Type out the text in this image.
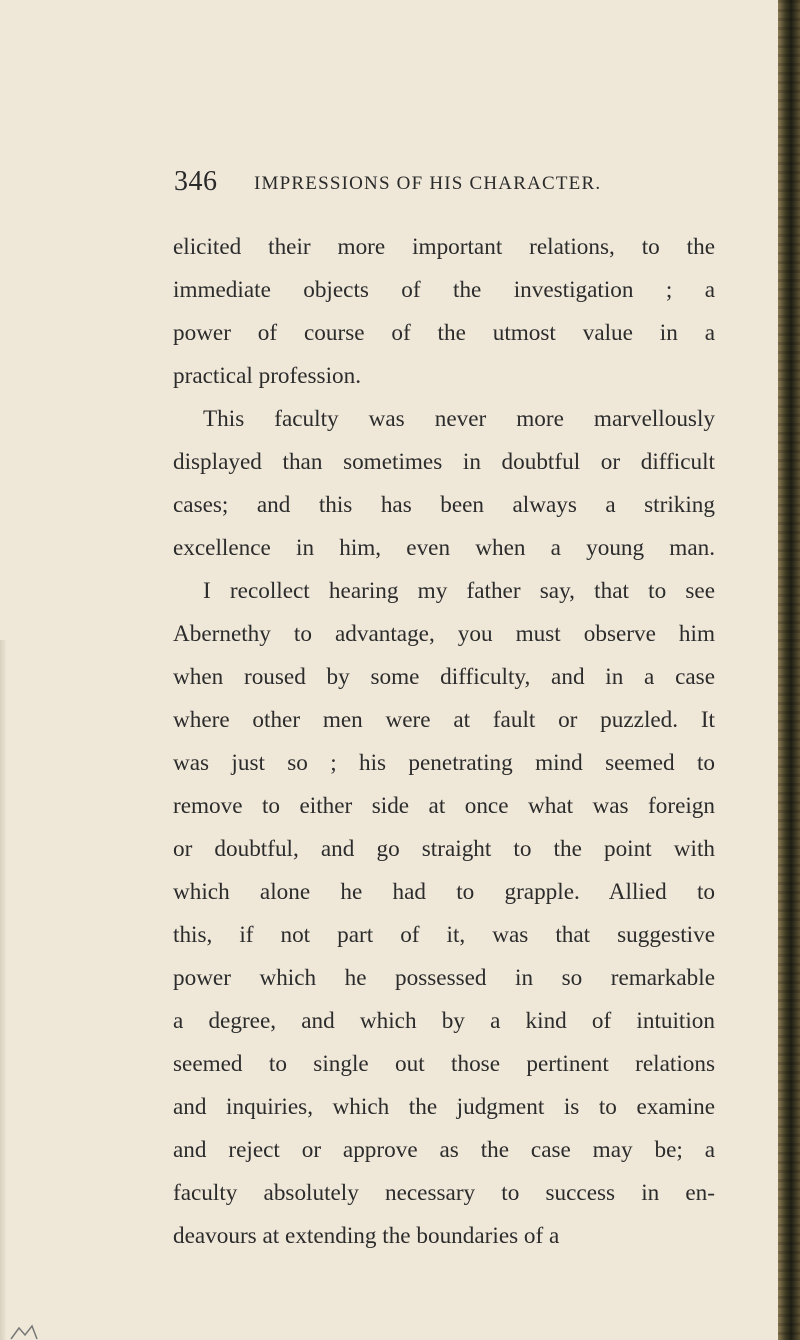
346 IMPRESSIONS OF HIS CHARACTER.
elicited their more important relations, to the
immediate objects of the investigation ; a
power of course of the utmost value in a
practical profession.
This faculty was never more marvellously
displayed than sometimes in doubtful or difficult
cases; and this has been always a striking
excellence in him, even when a young man.
I recollect hearing my father say, that to see
Abernethy to advantage, you must observe him
when roused by some difficulty, and in a case
where other men were at fault or puzzled. It
was just so ; his penetrating mind seemed to
remove to either side at once what was foreign
or doubtful, and go straight to the point with
which alone he had to grapple. Allied to
this, if not part of it, was that suggestive
power which he possessed in so remarkable
a degree, and which by a kind of intuition
seemed to single out those pertinent relations
and inquiries, which the judgment is to examine
and reject or approve as the case may be; a
faculty absolutely necessary to success in en-
deavours at extending the boundaries of a
